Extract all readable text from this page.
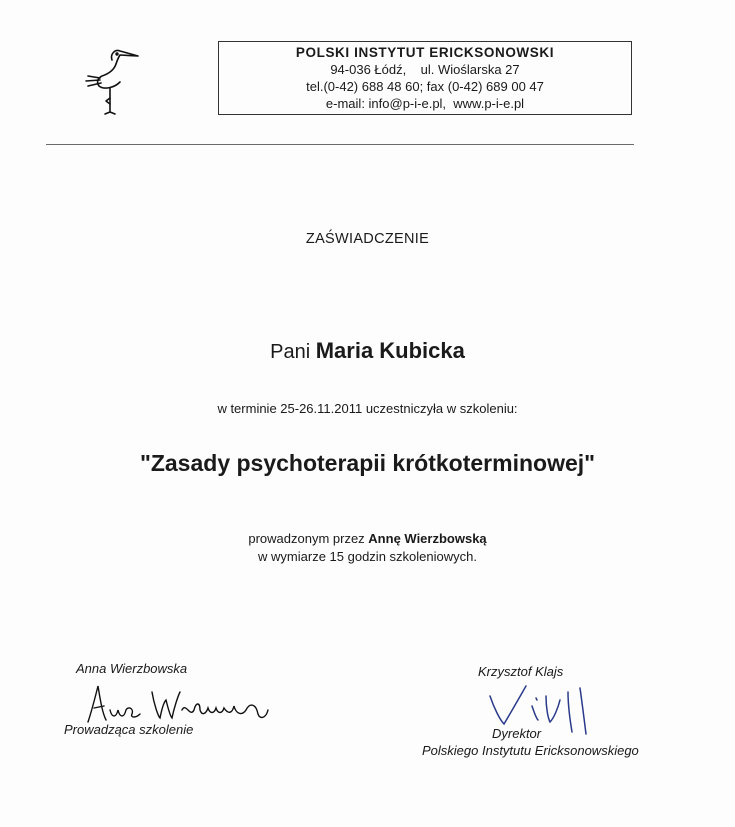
POLSKI INSTYTUT ERICKSONOWSKI
94-036 Łódź,    ul. Wioślarska 27
tel.(0-42) 688 48 60; fax (0-42) 689 00 47
e-mail: info@p-i-e.pl,  www.p-i-e.pl
ZAŚWIADCZENIE
Pani Maria Kubicka
w terminie 25-26.11.2011 uczestniczyła w szkoleniu:
"Zasady psychoterapii krótkoterminowej"
prowadzonym przez Annę Wierzbowską
w wymiarze 15 godzin szkoleniowych.
Anna Wierzbowska
Prowadząca szkolenie
Krzysztof Klajs
Dyrektor
Polskiego Instytutu Ericksonowskiego
